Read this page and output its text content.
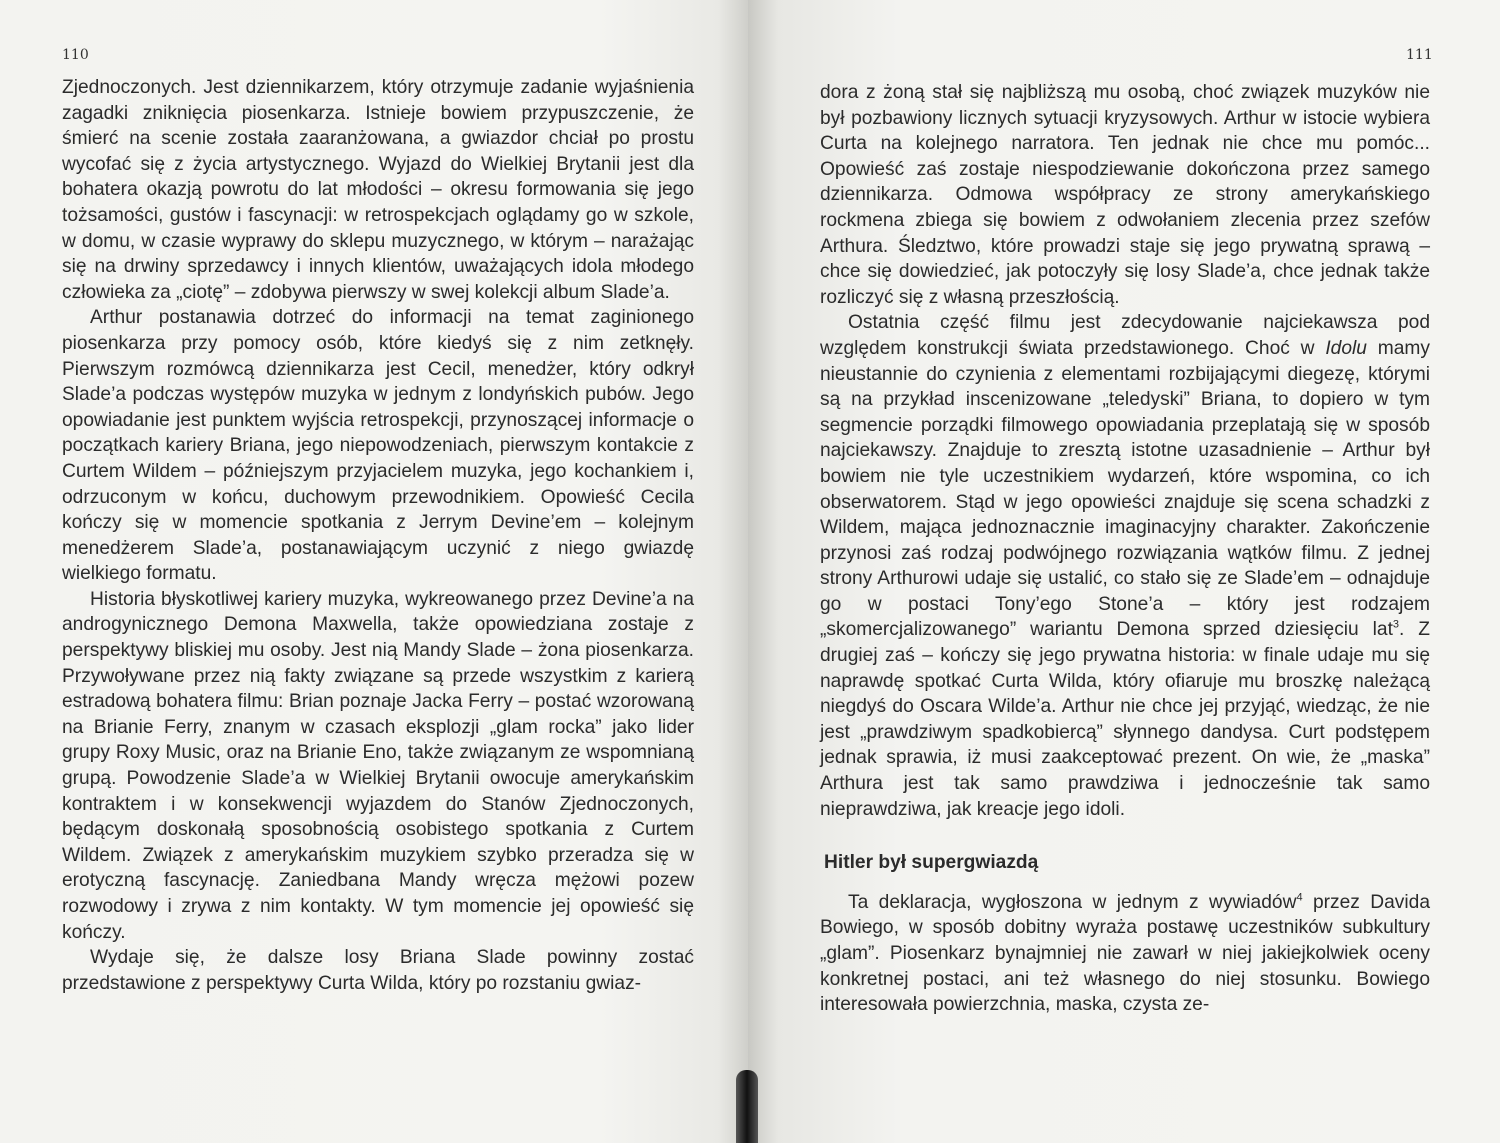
110

Zjednoczonych. Jest dziennikarzem, który otrzymuje zadanie wyjaśnienia zagadki zniknięcia piosenkarza. Istnieje bowiem przypuszczenie, że śmierć na scenie została zaaranżowana, a gwiazdor chciał po prostu wycofać się z życia artystycznego. Wyjazd do Wielkiej Brytanii jest dla bohatera okazją powrotu do lat młodości – okresu formowania się jego tożsamości, gustów i fascynacji: w retrospekcjach oglądamy go w szkole, w domu, w czasie wyprawy do sklepu muzycznego, w którym – narażając się na drwiny sprzedawcy i innych klientów, uważających idola młodego człowieka za „ciotę” – zdobywa pierwszy w swej kolekcji album Slade’a.

Arthur postanawia dotrzeć do informacji na temat zaginionego piosenkarza przy pomocy osób, które kiedyś się z nim zetknęły. Pierwszym rozmówcą dziennikarza jest Cecil, menedżer, który odkrył Slade’a podczas występów muzyka w jednym z londyńskich pubów. Jego opowiadanie jest punktem wyjścia retrospekcji, przynoszącej informacje o początkach kariery Briana, jego niepowodzeniach, pierwszym kontakcie z Curtem Wildem – późniejszym przyjacielem muzyka, jego kochankiem i, odrzuconym w końcu, duchowym przewodnikiem. Opowieść Cecila kończy się w momencie spotkania z Jerrym Devine’em – kolejnym menedżerem Slade’a, postanawiającym uczynić z niego gwiazdę wielkiego formatu.

Historia błyskotliwej kariery muzyka, wykreowanego przez Devine’a na androgynicznego Demona Maxwella, także opowiedziana zostaje z perspektywy bliskiej mu osoby. Jest nią Mandy Slade – żona piosenkarza. Przywoływane przez nią fakty związane są przede wszystkim z karierą estradową bohatera filmu: Brian poznaje Jacka Ferry – postać wzorowaną na Brianie Ferry, znanym w czasach eksplozji „glam rocka” jako lider grupy Roxy Music, oraz na Brianie Eno, także związanym ze wspomnianą grupą. Powodzenie Slade’a w Wielkiej Brytanii owocuje amerykańskim kontraktem i w konsekwencji wyjazdem do Stanów Zjednoczonych, będącym doskonałą sposobnością osobistego spotkania z Curtem Wildem. Związek z amerykańskim muzykiem szybko przeradza się w erotyczną fascynację. Zaniedbana Mandy wręcza mężowi pozew rozwodowy i zrywa z nim kontakty. W tym momencie jej opowieść się kończy.

Wydaje się, że dalsze losy Briana Slade powinny zostać przedstawione z perspektywy Curta Wilda, który po rozstaniu gwiaz-

111

dora z żoną stał się najbliższą mu osobą, choć związek muzyków nie był pozbawiony licznych sytuacji kryzysowych. Arthur w istocie wybiera Curta na kolejnego narratora. Ten jednak nie chce mu pomóc... Opowieść zaś zostaje niespodziewanie dokończona przez samego dziennikarza. Odmowa współpracy ze strony amerykańskiego rockmena zbiega się bowiem z odwołaniem zlecenia przez szefów Arthura. Śledztwo, które prowadzi staje się jego prywatną sprawą – chce się dowiedzieć, jak potoczyły się losy Slade’a, chce jednak także rozliczyć się z własną przeszłością.

Ostatnia część filmu jest zdecydowanie najciekawsza pod względem konstrukcji świata przedstawionego. Choć w Idolu mamy nieustannie do czynienia z elementami rozbijającymi diegezę, którymi są na przykład inscenizowane „teledyski” Briana, to dopiero w tym segmencie porządki filmowego opowiadania przeplatają się w sposób najciekawszy. Znajduje to zresztą istotne uzasadnienie – Arthur był bowiem nie tyle uczestnikiem wydarzeń, które wspomina, co ich obserwatorem. Stąd w jego opowieści znajduje się scena schadzki z Wildem, mająca jednoznacznie imaginacyjny charakter. Zakończenie przynosi zaś rodzaj podwójnego rozwiązania wątków filmu. Z jednej strony Arthurowi udaje się ustalić, co stało się ze Slade’em – odnajduje go w postaci Tony’ego Stone’a – który jest rodzajem „skomercjalizowanego” wariantu Demona sprzed dziesięciu lat$^3$. Z drugiej zaś – kończy się jego prywatna historia: w finale udaje mu się naprawdę spotkać Curta Wilda, który ofiaruje mu broszkę należącą niegdyś do Oscara Wilde’a. Arthur nie chce jej przyjąć, wiedząc, że nie jest „prawdziwym spadkobiercą” słynnego dandysa. Curt podstępem jednak sprawia, iż musi zaakceptować prezent. On wie, że „maska” Arthura jest tak samo prawdziwa i jednocześnie tak samo nieprawdziwa, jak kreacje jego idoli.

Hitler był supergwiazdą

Ta deklaracja, wygłoszona w jednym z wywiadów$^4$ przez Davida Bowiego, w sposób dobitny wyraża postawę uczestników subkultury „glam”. Piosenkarz bynajmniej nie zawarł w niej jakiejkolwiek oceny konkretnej postaci, ani też własnego do niej stosunku. Bowiego interesowała powierzchnia, maska, czysta ze-
